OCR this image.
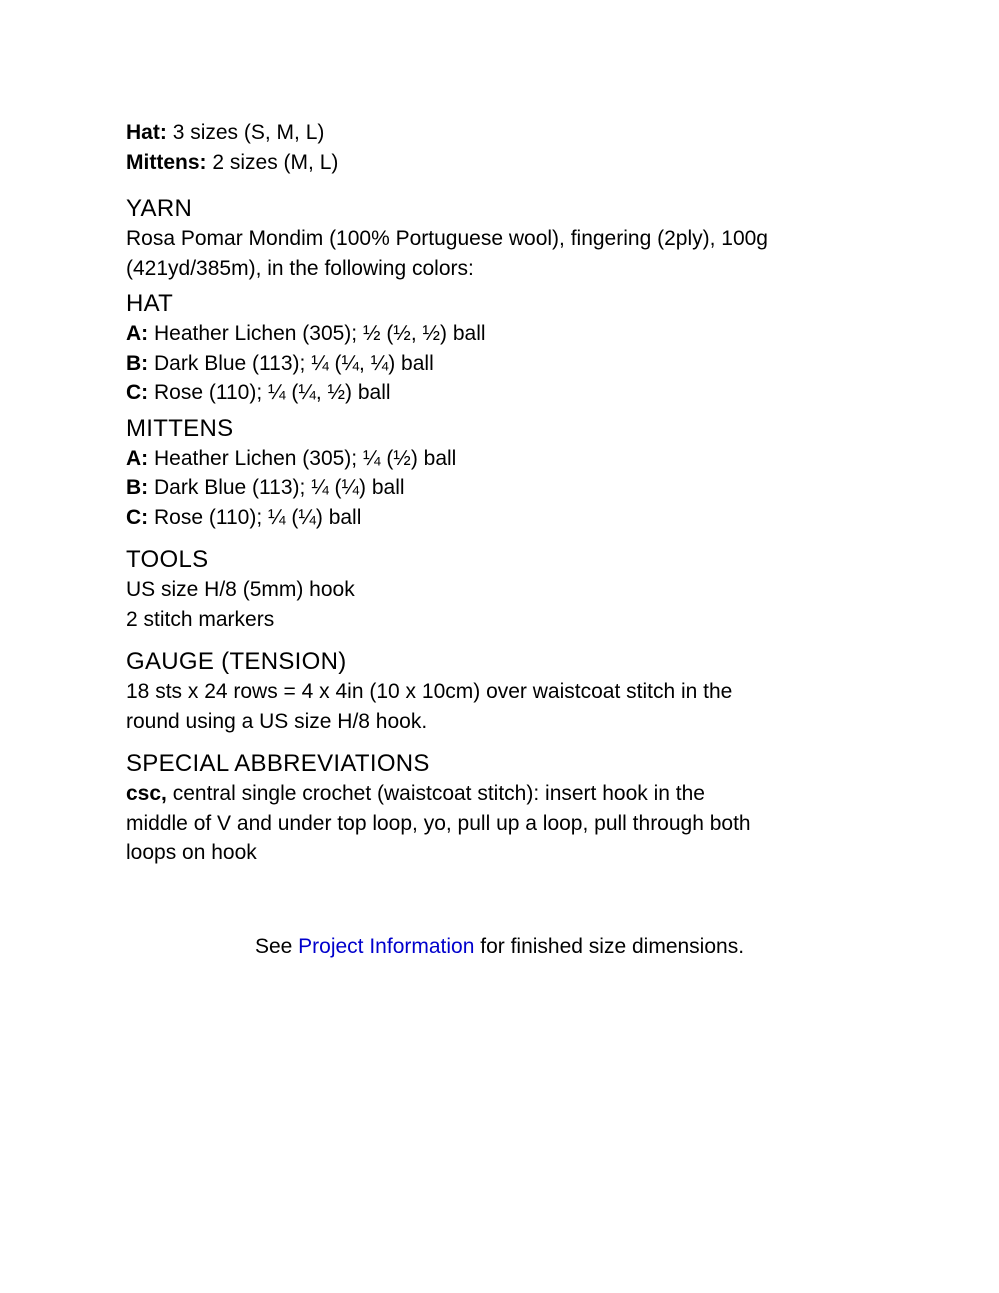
Hat: 3 sizes (S, M, L)
Mittens: 2 sizes (M, L)
YARN
Rosa Pomar Mondim (100% Portuguese wool), fingering (2ply), 100g
(421yd/385m), in the following colors:
HAT
A: Heather Lichen (305); ½ (½, ½) ball
B: Dark Blue (113); ¼ (¼, ¼) ball
C: Rose (110); ¼ (¼, ½) ball
MITTENS
A: Heather Lichen (305); ¼ (½) ball
B: Dark Blue (113); ¼ (¼) ball
C: Rose (110); ¼ (¼) ball
TOOLS
US size H/8 (5mm) hook
2 stitch markers
GAUGE (TENSION)
18 sts x 24 rows = 4 x 4in (10 x 10cm) over waistcoat stitch in the
round using a US size H/8 hook.
SPECIAL ABBREVIATIONS
csc, central single crochet (waistcoat stitch): insert hook in the
middle of V and under top loop, yo, pull up a loop, pull through both
loops on hook
See Project Information for finished size dimensions.
